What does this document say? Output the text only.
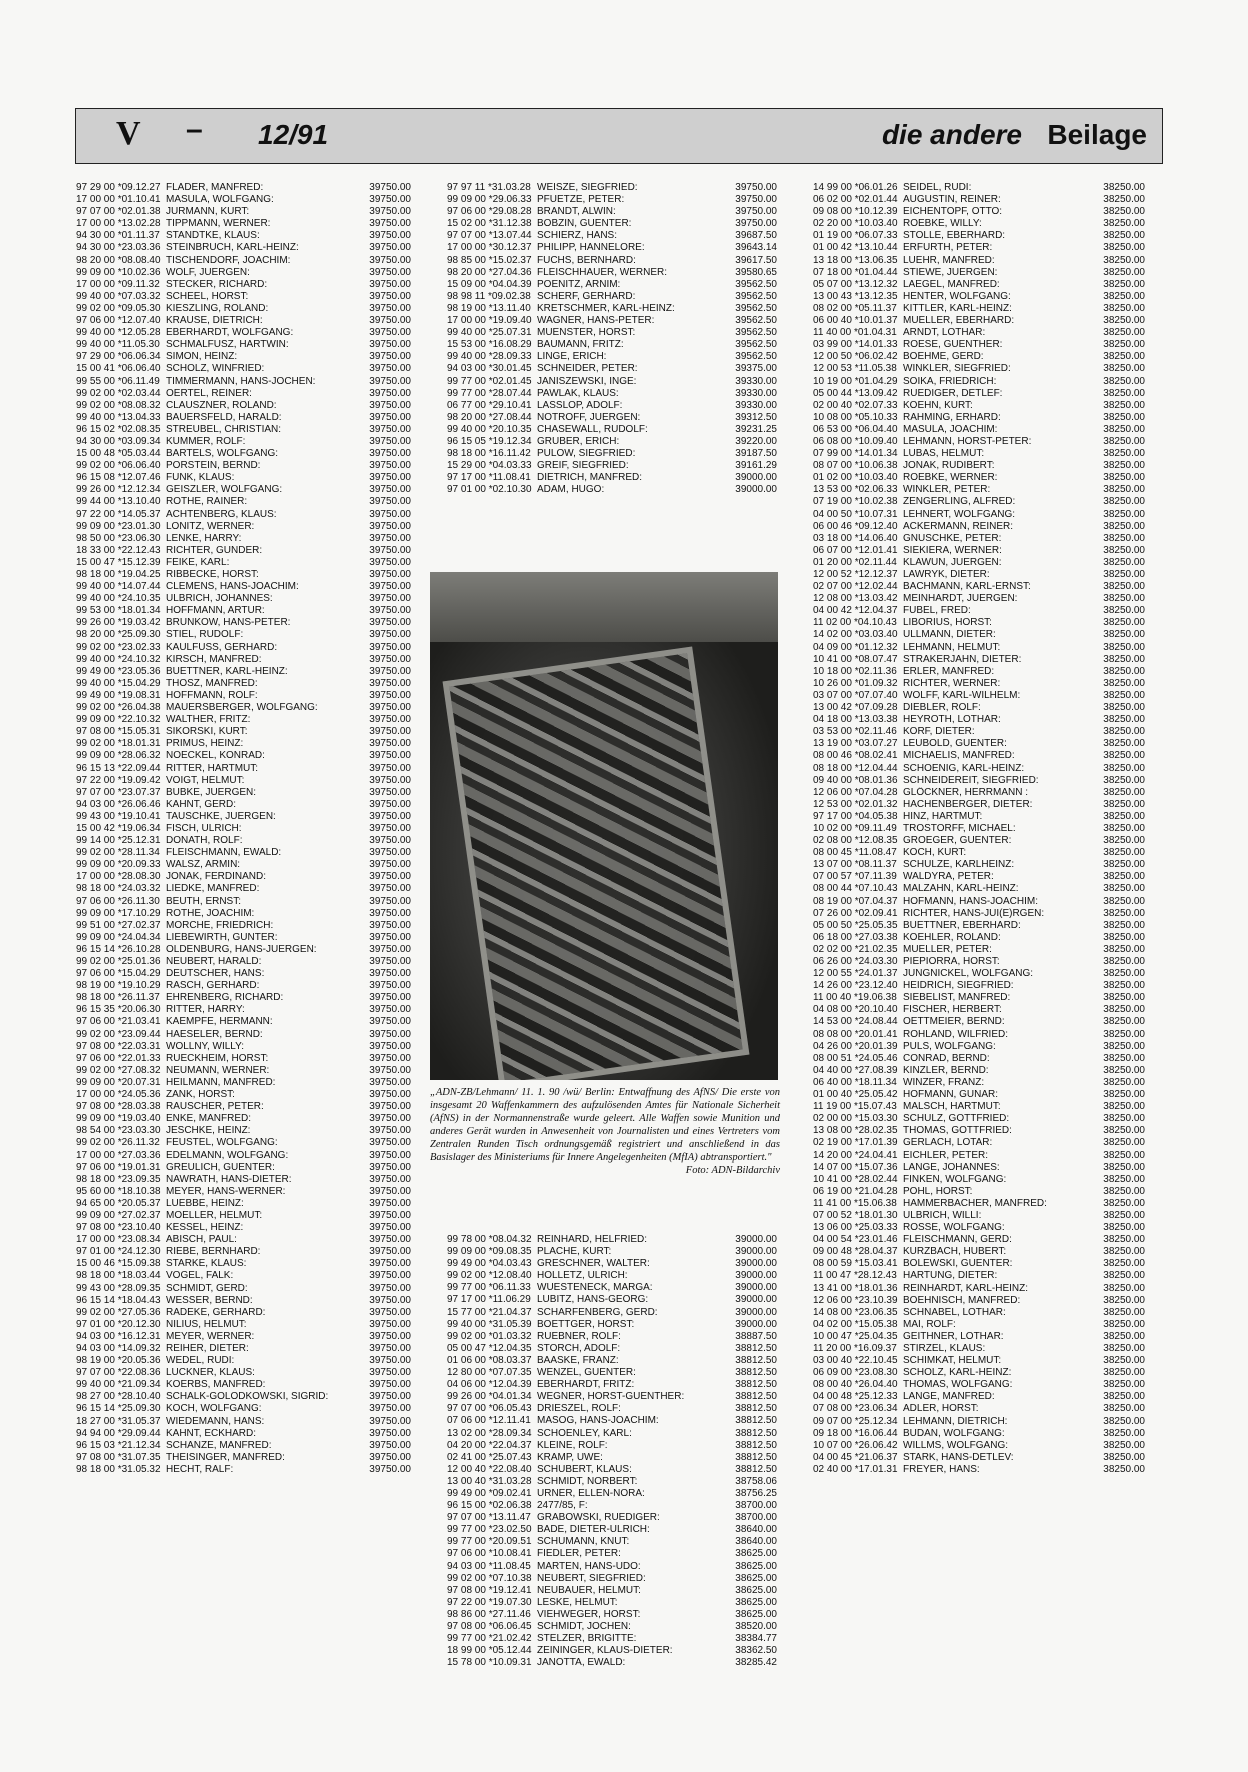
V – 12/91	die andere Beilage
97 29 00 *09.12.27 FLADER, MANFRED:	39750.00
17 00 00 *01.10.41 MASULA, WOLFGANG:	39750.00
97 07 00 *02.01.38 JURMANN, KURT:	39750.00
17 00 00 *13.02.28 TIPPMANN, WERNER:	39750.00
94 30 00 *01.11.37 STANDTKE, KLAUS:	39750.00
94 30 00 *23.03.36 STEINBRUCH, KARL-HEINZ:	39750.00
98 20 00 *08.08.40 TISCHENDORF, JOACHIM:	39750.00
99 09 00 *10.02.36 WOLF, JUERGEN:	39750.00
17 00 00 *09.11.32 STECKER, RICHARD:	39750.00
99 40 00 *07.03.32 SCHEEL, HORST:	39750.00
99 02 00 *09.05.30 KIESZLING, ROLAND:	39750.00
97 06 00 *12.07.40 KRAUSE, DIETRICH:	39750.00
99 40 00 *12.05.28 EBERHARDT, WOLFGANG:	39750.00
99 40 00 *11.05.30 SCHMALFUSZ, HARTWIN:	39750.00
97 29 00 *06.06.34 SIMON, HEINZ:	39750.00
15 00 41 *06.06.40 SCHOLZ, WINFRIED:	39750.00
99 55 00 *06.11.49 TIMMERMANN, HANS-JOCHEN:	39750.00
99 02 00 *02.03.44 OERTEL, REINER:	39750.00
99 02 00 *08.08.32 CLAUSZNER, ROLAND:	39750.00
99 40 00 *13.04.33 BAUERSFELD, HARALD:	39750.00
96 15 02 *02.08.35 STREUBEL, CHRISTIAN:	39750.00
94 30 00 *03.09.34 KUMMER, ROLF:	39750.00
15 00 48 *05.03.44 BARTELS, WOLFGANG:	39750.00
99 02 00 *06.06.40 PORSTEIN, BERND:	39750.00
96 15 08 *12.07.46 FUNK, KLAUS:	39750.00
99 26 00 *12.12.34 GEISZLER, WOLFGANG:	39750.00
99 44 00 *13.10.40 ROTHE, RAINER:	39750.00
97 22 00 *14.05.37 ACHTENBERG, KLAUS:	39750.00
99 09 00 *23.01.30 LONITZ, WERNER:	39750.00
98 50 00 *23.06.30 LENKE, HARRY:	39750.00
18 33 00 *22.12.43 RICHTER, GUNDER:	39750.00
15 00 47 *15.12.39 FEIKE, KARL:	39750.00
98 18 00 *19.04.25 RIBBECKE, HORST:	39750.00
99 40 00 *14.07.44 CLEMENS, HANS-JOACHIM:	39750.00
99 40 00 *24.10.35 ULBRICH, JOHANNES:	39750.00
99 53 00 *18.01.34 HOFFMANN, ARTUR:	39750.00
99 26 00 *19.03.42 BRUNKOW, HANS-PETER:	39750.00
98 20 00 *25.09.30 STIEL, RUDOLF:	39750.00
99 02 00 *23.02.33 KAULFUSS, GERHARD:	39750.00
99 40 00 *24.10.32 KIRSCH, MANFRED:	39750.00
99 49 00 *23.05.36 BUETTNER, KARL-HEINZ:	39750.00
99 40 00 *15.04.29 THOSZ, MANFRED:	39750.00
99 49 00 *19.08.31 HOFFMANN, ROLF:	39750.00
99 02 00 *26.04.38 MAUERSBERGER, WOLFGANG:	39750.00
99 09 00 *22.10.32 WALTHER, FRITZ:	39750.00
97 08 00 *15.05.31 SIKORSKI, KURT:	39750.00
99 02 00 *18.01.31 PRIMUS, HEINZ:	39750.00
99 09 00 *28.06.32 NOECKEL, KONRAD:	39750.00
96 15 13 *22.09.44 RITTER, HARTMUT:	39750.00
97 22 00 *19.09.42 VOIGT, HELMUT:	39750.00
97 07 00 *23.07.37 BUBKE, JUERGEN:	39750.00
94 03 00 *26.06.46 KAHNT, GERD:	39750.00
99 43 00 *19.10.41 TAUSCHKE, JUERGEN:	39750.00
15 00 42 *19.06.34 FISCH, ULRICH:	39750.00
99 14 00 *25.12.31 DONATH, ROLF:	39750.00
99 02 00 *28.11.34 FLEISCHMANN, EWALD:	39750.00
99 09 00 *20.09.33 WALSZ, ARMIN:	39750.00
17 00 00 *28.08.30 JONAK, FERDINAND:	39750.00
98 18 00 *24.03.32 LIEDKE, MANFRED:	39750.00
97 06 00 *26.11.30 BEUTH, ERNST:	39750.00
99 09 00 *17.10.29 ROTHE, JOACHIM:	39750.00
99 51 00 *27.02.37 MORCHE, FRIEDRICH:	39750.00
99 09 00 *24.04.34 LIEBEWIRTH, GUNTER:	39750.00
96 15 14 *26.10.28 OLDENBURG, HANS-JUERGEN:	39750.00
99 02 00 *25.01.36 NEUBERT, HARALD:	39750.00
97 06 00 *15.04.29 DEUTSCHER, HANS:	39750.00
98 19 00 *19.10.29 RASCH, GERHARD:	39750.00
98 18 00 *26.11.37 EHRENBERG, RICHARD:	39750.00
96 15 35 *20.06.30 RITTER, HARRY:	39750.00
97 06 00 *21.03.41 KAEMPFE, HERMANN:	39750.00
99 02 00 *23.09.44 HAESELER, BERND:	39750.00
97 08 00 *22.03.31 WOLLNY, WILLY:	39750.00
97 06 00 *22.01.33 RUECKHEIM, HORST:	39750.00
99 02 00 *27.08.32 NEUMANN, WERNER:	39750.00
99 09 00 *20.07.31 HEILMANN, MANFRED:	39750.00
17 00 00 *24.05.36 ZANK, HORST:	39750.00
97 08 00 *28.03.38 RAUSCHER, PETER:	39750.00
99 09 00 *19.03.40 ENKE, MANFRED:	39750.00
98 54 00 *23.03.30 JESCHKE, HEINZ:	39750.00
99 02 00 *26.11.32 FEUSTEL, WOLFGANG:	39750.00
17 00 00 *27.03.36 EDELMANN, WOLFGANG:	39750.00
97 06 00 *19.01.31 GREULICH, GUENTER:	39750.00
98 18 00 *23.09.35 NAWRATH, HANS-DIETER:	39750.00
95 60 00 *18.10.38 MEYER, HANS-WERNER:	39750.00
94 65 00 *20.05.37 LUEBBE, HEINZ:	39750.00
99 09 00 *27.02.37 MOELLER, HELMUT:	39750.00
97 08 00 *23.10.40 KESSEL, HEINZ:	39750.00
17 00 00 *23.08.34 ABISCH, PAUL:	39750.00
97 01 00 *24.12.30 RIEBE, BERNHARD:	39750.00
15 00 46 *15.09.38 STARKE, KLAUS:	39750.00
98 18 00 *18.03.44 VOGEL, FALK:	39750.00
99 43 00 *28.09.35 SCHMIDT, GERD:	39750.00
96 15 14 *18.04.43 WESSER, BERND:	39750.00
99 02 00 *27.05.36 RADEKE, GERHARD:	39750.00
97 01 00 *20.12.30 NILIUS, HELMUT:	39750.00
94 03 00 *16.12.31 MEYER, WERNER:	39750.00
94 03 00 *14.09.32 REIHER, DIETER:	39750.00
98 19 00 *20.05.36 WEDEL, RUDI:	39750.00
97 07 00 *22.08.36 LUCKNER, KLAUS:	39750.00
99 40 00 *21.09.34 KOERBS, MANFRED:	39750.00
98 27 00 *28.10.40 SCHALK-GOLODKOWSKI, SIGRID:	39750.00
96 15 14 *25.09.30 KOCH, WOLFGANG:	39750.00
18 27 00 *31.05.37 WIEDEMANN, HANS:	39750.00
94 94 00 *29.09.44 KAHNT, ECKHARD:	39750.00
96 15 03 *21.12.34 SCHANZE, MANFRED:	39750.00
97 08 00 *31.07.35 THEISINGER, MANFRED:	39750.00
98 18 00 *31.05.32 HECHT, RALF:	39750.00
97 97 11 *31.03.28 WEISZE, SIEGFRIED:	39750.00
99 09 00 *29.06.33 PFUETZE, PETER:	39750.00
97 06 00 *29.08.28 BRANDT, ALWIN:	39750.00
15 02 00 *31.12.38 BOBZIN, GUENTER:	39750.00
97 07 00 *13.07.44 SCHIERZ, HANS:	39687.50
17 00 00 *30.12.37 PHILIPP, HANNELORE:	39643.14
98 85 00 *15.02.37 FUCHS, BERNHARD:	39617.50
98 20 00 *27.04.36 FLEISCHHAUER, WERNER:	39580.65
15 09 00 *04.04.39 POENITZ, ARNIM:	39562.50
98 98 11 *09.02.38 SCHERF, GERHARD:	39562.50
98 19 00 *13.11.40 KRETSCHMER, KARL-HEINZ:	39562.50
17 00 00 *19.09.40 WAGNER, HANS-PETER:	39562.50
99 40 00 *25.07.31 MUENSTER, HORST:	39562.50
15 53 00 *16.08.29 BAUMANN, FRITZ:	39562.50
99 40 00 *28.09.33 LINGE, ERICH:	39562.50
94 03 00 *30.01.45 SCHNEIDER, PETER:	39375.00
99 77 00 *02.01.45 JANISZEWSKI, INGE:	39330.00
99 77 00 *28.07.44 PAWLAK, KLAUS:	39330.00
06 77 00 *29.10.41 LASSLOP, ADOLF:	39330.00
98 20 00 *27.08.44 NOTROFF, JUERGEN:	39312.50
99 40 00 *20.10.35 CHASEWALL, RUDOLF:	39231.25
96 15 05 *19.12.34 GRUBER, ERICH:	39220.00
98 18 00 *16.11.42 PULOW, SIEGFRIED:	39187.50
15 29 00 *04.03.33 GREIF, SIEGFRIED:	39161.29
97 17 00 *11.08.41 DIETRICH, MANFRED:	39000.00
97 01 00 *02.10.30 ADAM, HUGO:	39000.00
„ADN-ZB/Lehmann/ 11. 1. 90 /wü/ Berlin: Entwaffnung des AfNS/ Die erste von insgesamt 20 Waffenkammern des aufzulösenden Amtes für Nationale Sicherheit (AfNS) in der Normannenstraße wurde geleert. Alle Waffen sowie Munition und anderes Gerät wurden in Anwesenheit von Journalisten und eines Vertreters vom Zentralen Runden Tisch ordnungsgemäß registriert und anschließend in das Basislager des Ministeriums für Innere Angelegenheiten (MfIA) abtransportiert."
Foto: ADN-Bildarchiv
99 78 00 *08.04.32 REINHARD, HELFRIED:	39000.00
99 09 00 *09.08.35 PLACHE, KURT:	39000.00
99 49 00 *04.03.43 GRESCHNER, WALTER:	39000.00
99 02 00 *12.08.40 HOLLETZ, ULRICH:	39000.00
99 77 00 *06.11.33 WUESTENECK, MARGA:	39000.00
97 17 00 *11.06.29 LUBITZ, HANS-GEORG:	39000.00
15 77 00 *21.04.37 SCHARFENBERG, GERD:	39000.00
99 40 00 *31.05.39 BOETTGER, HORST:	39000.00
99 02 00 *01.03.32 RUEBNER, ROLF:	38887.50
05 00 47 *12.04.35 STORCH, ADOLF:	38812.50
01 06 00 *08.03.37 BAASKE, FRANZ:	38812.50
12 80 00 *07.07.35 WENZEL, GUENTER:	38812.50
04 06 00 *12.04.39 EBERHARDT, FRITZ:	38812.50
99 26 00 *04.01.34 WEGNER, HORST-GUENTHER:	38812.50
97 07 00 *06.05.43 DRIESZEL, ROLF:	38812.50
07 06 00 *12.11.41 MASOG, HANS-JOACHIM:	38812.50
13 02 00 *28.09.34 SCHOENLEY, KARL:	38812.50
04 20 00 *22.04.37 KLEINE, ROLF:	38812.50
02 41 00 *25.07.43 KRAMP, UWE:	38812.50
12 00 40 *22.08.40 SCHUBERT, KLAUS:	38812.50
13 00 40 *31.03.28 SCHMIDT, NORBERT:	38758.06
99 49 00 *09.02.41 URNER, ELLEN-NORA:	38756.25
96 15 00 *02.06.38 2477/85, F:	38700.00
97 07 00 *13.11.47 GRABOWSKI, RUEDIGER:	38700.00
99 77 00 *23.02.50 BADE, DIETER-ULRICH:	38640.00
99 77 00 *20.09.51 SCHUMANN, KNUT:	38640.00
97 06 00 *10.08.41 FIEDLER, PETER:	38625.00
94 03 00 *11.08.45 MARTEN, HANS-UDO:	38625.00
99 02 00 *07.10.38 NEUBERT, SIEGFRIED:	38625.00
97 08 00 *19.12.41 NEUBAUER, HELMUT:	38625.00
97 22 00 *19.07.30 LESKE, HELMUT:	38625.00
98 86 00 *27.11.46 VIEHWEGER, HORST:	38625.00
97 08 00 *06.06.45 SCHMIDT, JOCHEN:	38520.00
99 77 00 *21.02.42 STELZER, BRIGITTE:	38384.77
18 99 00 *05.12.44 ZEININGER, KLAUS-DIETER:	38362.50
15 78 00 *10.09.31 JANOTTA, EWALD:	38285.42
14 99 00 *06.01.26 SEIDEL, RUDI:	38250.00
06 02 00 *02.01.44 AUGUSTIN, REINER:	38250.00
09 08 00 *10.12.39 EICHENTOPF, OTTO:	38250.00
02 20 00 *10.03.40 ROEBKE, WILLY:	38250.00
01 19 00 *06.07.33 STOLLE, EBERHARD:	38250.00
01 00 42 *13.10.44 ERFURTH, PETER:	38250.00
13 18 00 *13.06.35 LUEHR, MANFRED:	38250.00
07 18 00 *01.04.44 STIEWE, JUERGEN:	38250.00
05 07 00 *13.12.32 LAEGEL, MANFRED:	38250.00
13 00 43 *13.12.35 HENTER, WOLFGANG:	38250.00
08 02 00 *05.11.37 KITTLER, KARL-HEINZ:	38250.00
06 00 40 *10.01.37 MUELLER, EBERHARD:	38250.00
11 40 00 *01.04.31 ARNDT, LOTHAR:	38250.00
03 99 00 *14.01.33 ROESE, GUENTHER:	38250.00
12 00 50 *06.02.42 BOEHME, GERD:	38250.00
12 00 53 *11.05.38 WINKLER, SIEGFRIED:	38250.00
10 19 00 *01.04.29 SOIKA, FRIEDRICH:	38250.00
05 00 44 *13.09.42 RUEDIGER, DETLEF:	38250.00
02 00 40 *02.07.33 KOEHN, KURT:	38250.00
10 08 00 *05.10.33 RAHMING, ERHARD:	38250.00
06 53 00 *06.04.40 MASULA, JOACHIM:	38250.00
06 08 00 *10.09.40 LEHMANN, HORST-PETER:	38250.00
07 99 00 *14.01.34 LUBAS, HELMUT:	38250.00
08 07 00 *10.06.38 JONAK, RUDIBERT:	38250.00
01 02 00 *10.03.40 ROEBKE, WERNER:	38250.00
13 53 00 *02.06.33 WINKLER, PETER:	38250.00
07 19 00 *10.02.38 ZENGERLING, ALFRED:	38250.00
04 00 50 *10.07.31 LEHNERT, WOLFGANG:	38250.00
06 00 46 *09.12.40 ACKERMANN, REINER:	38250.00
03 18 00 *14.06.40 GNUSCHKE, PETER:	38250.00
06 07 00 *12.01.41 SIEKIERA, WERNER:	38250.00
01 20 00 *02.11.44 KLAWUN, JUERGEN:	38250.00
12 00 52 *12.12.37 LAWRYK, DIETER:	38250.00
02 07 00 *12.02.44 BACHMANN, KARL-ERNST:	38250.00
12 08 00 *13.03.42 MEINHARDT, JUERGEN:	38250.00
04 00 42 *12.04.37 FUBEL, FRED:	38250.00
11 02 00 *04.10.43 LIBORIUS, HORST:	38250.00
14 02 00 *03.03.40 ULLMANN, DIETER:	38250.00
04 09 00 *01.12.32 LEHMANN, HELMUT:	38250.00
10 41 00 *08.07.47 STRAKERJAHN, DIETER:	38250.00
10 18 00 *02.11.36 ERLER, MANFRED:	38250.00
10 26 00 *01.09.32 RICHTER, WERNER:	38250.00
03 07 00 *07.07.40 WOLFF, KARL-WILHELM:	38250.00
13 00 42 *07.09.28 DIEBLER, ROLF:	38250.00
04 18 00 *13.03.38 HEYROTH, LOTHAR:	38250.00
03 53 00 *02.11.46 KORF, DIETER:	38250.00
13 19 00 *03.07.27 LEUBOLD, GUENTER:	38250.00
08 00 46 *08.02.41 MICHAELIS, MANFRED:	38250.00
08 18 00 *12.04.44 SCHOENIG, KARL-HEINZ:	38250.00
09 40 00 *08.01.36 SCHNEIDEREIT, SIEGFRIED:	38250.00
12 06 00 *07.04.28 GLÖCKNER, HERRMANN :	38250.00
12 53 00 *02.01.32 HACHENBERGER, DIETER:	38250.00
97 17 00 *04.05.38 HINZ, HARTMUT:	38250.00
10 02 00 *09.11.49 TROSTORFF, MICHAEL:	38250.00
02 08 00 *12.08.35 GROEGER, GUENTER:	38250.00
08 00 45 *11.08.47 KOCH, KURT:	38250.00
13 07 00 *08.11.37 SCHULZE, KARLHEINZ:	38250.00
07 00 57 *07.11.39 WALDYRA, PETER:	38250.00
08 00 44 *07.10.43 MALZAHN, KARL-HEINZ:	38250.00
08 19 00 *07.04.37 HOFMANN, HANS-JOACHIM:	38250.00
07 26 00 *02.09.41 RICHTER, HANS-JUI(E)RGEN:	38250.00
05 00 50 *25.05.35 BUETTNER, EBERHARD:	38250.00
06 18 00 *27.03.38 KOEHLER, ROLAND:	38250.00
02 02 00 *21.02.35 MUELLER, PETER:	38250.00
06 26 00 *24.03.30 PIEPIORRA, HORST:	38250.00
12 00 55 *24.01.37 JUNGNICKEL, WOLFGANG:	38250.00
14 26 00 *23.12.40 HEIDRICH, SIEGFRIED:	38250.00
11 00 40 *19.06.38 SIEBELIST, MANFRED:	38250.00
04 08 00 *20.10.40 FISCHER, HERBERT:	38250.00
14 53 00 *24.08.44 OETTMEIER, BERND:	38250.00
08 08 00 *20.01.41 ROHLAND, WILFRIED:	38250.00
04 26 00 *20.01.39 PULS, WOLFGANG:	38250.00
08 00 51 *24.05.46 CONRAD, BERND:	38250.00
04 40 00 *27.08.39 KINZLER, BERND:	38250.00
06 40 00 *18.11.34 WINZER, FRANZ:	38250.00
01 00 40 *25.05.42 HOFMANN, GUNAR:	38250.00
11 19 00 *15.07.43 MALSCH, HARTMUT:	38250.00
02 00 00 *15.03.30 SCHULZ, GOTTFRIED:	38250.00
13 08 00 *28.02.35 THOMAS, GOTTFRIED:	38250.00
02 19 00 *17.01.39 GERLACH, LOTAR:	38250.00
14 20 00 *24.04.41 EICHLER, PETER:	38250.00
14 07 00 *15.07.36 LANGE, JOHANNES:	38250.00
10 41 00 *28.02.44 FINKEN, WOLFGANG:	38250.00
06 19 00 *21.04.28 POHL, HORST:	38250.00
11 41 00 *15.06.38 HAMMERBACHER, MANFRED:	38250.00
07 00 52 *18.01.30 ULBRICH, WILLI:	38250.00
13 06 00 *25.03.33 ROSSE, WOLFGANG:	38250.00
04 00 54 *23.01.46 FLEISCHMANN, GERD:	38250.00
09 00 48 *28.04.37 KURZBACH, HUBERT:	38250.00
08 00 59 *15.03.41 BOLEWSKI, GUENTER:	38250.00
11 00 47 *28.12.43 HARTUNG, DIETER:	38250.00
13 41 00 *18.01.36 REINHARDT, KARL-HEINZ:	38250.00
12 06 00 *23.10.39 BOEHNISCH, MANFRED:	38250.00
14 08 00 *23.06.35 SCHNABEL, LOTHAR:	38250.00
04 02 00 *15.05.38 MAI, ROLF:	38250.00
10 00 47 *25.04.35 GEITHNER, LOTHAR:	38250.00
11 20 00 *16.09.37 STIRZEL, KLAUS:	38250.00
03 00 40 *22.10.45 SCHIMKAT, HELMUT:	38250.00
06 09 00 *23.08.30 SCHOLZ, KARL-HEINZ:	38250.00
08 00 40 *26.04.40 THOMAS, WOLFGANG:	38250.00
04 00 48 *25.12.33 LANGE, MANFRED:	38250.00
07 08 00 *23.06.34 ADLER, HORST:	38250.00
09 07 00 *25.12.34 LEHMANN, DIETRICH:	38250.00
09 18 00 *16.06.44 BUDAN, WOLFGANG:	38250.00
10 07 00 *26.06.42 WILLMS, WOLFGANG:	38250.00
04 00 45 *21.06.37 STARK, HANS-DETLEV:	38250.00
02 40 00 *17.01.31 FREYER, HANS:	38250.00
